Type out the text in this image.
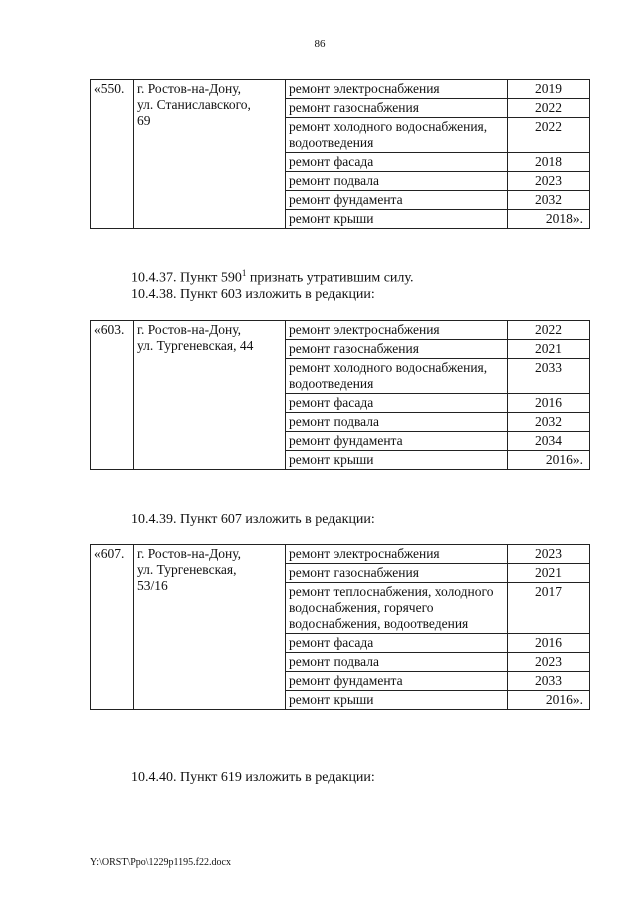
86
«550.	г. Ростов-на-Дону,
ул. Станиславского,
69	ремонт электроснабжения	2019
		ремонт газоснабжения	2022
		ремонт холодного водоснабжения, водоотведения	2022
		ремонт фасада	2018
		ремонт подвала	2023
		ремонт фундамента	2032
		ремонт крыши	2018».
10.4.37. Пункт $590^1$ признать утратившим силу.
10.4.38. Пункт 603 изложить в редакции:
«603.	г. Ростов-на-Дону,
ул. Тургеневская, 44	ремонт электроснабжения	2022
		ремонт газоснабжения	2021
		ремонт холодного водоснабжения, водоотведения	2033
		ремонт фасада	2016
		ремонт подвала	2032
		ремонт фундамента	2034
		ремонт крыши	2016».
10.4.39. Пункт 607 изложить в редакции:
«607.	г. Ростов-на-Дону,
ул. Тургеневская,
53/16	ремонт электроснабжения	2023
		ремонт газоснабжения	2021
		ремонт теплоснабжения, холодного водоснабжения, горячего водоснабжения, водоотведения	2017
		ремонт фасада	2016
		ремонт подвала	2023
		ремонт фундамента	2033
		ремонт крыши	2016».
10.4.40. Пункт 619 изложить в редакции:
Y:\ORST\Ppo\1229p1195.f22.docx
